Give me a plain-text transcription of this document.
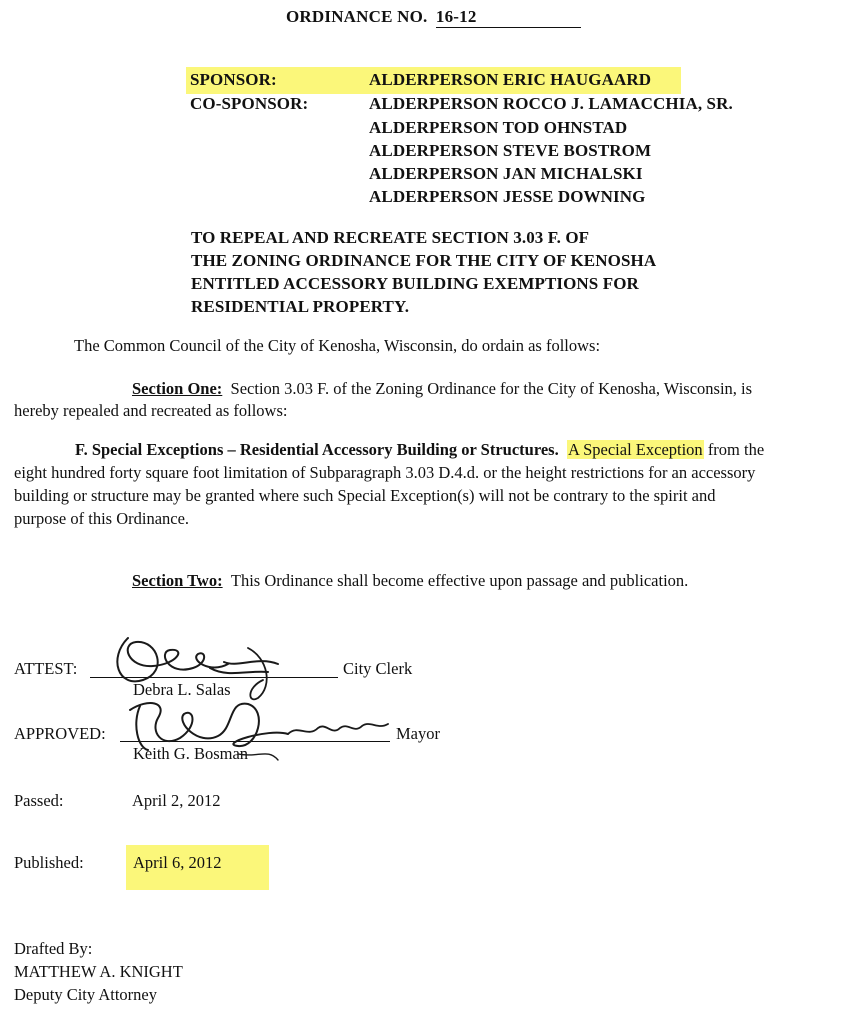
ORDINANCE NO. 16-12
SPONSOR:	ALDERPERSON ERIC HAUGAARD
CO-SPONSOR:	ALDERPERSON ROCCO J. LAMACCHIA, SR.
ALDERPERSON TOD OHNSTAD
ALDERPERSON STEVE BOSTROM
ALDERPERSON JAN MICHALSKI
ALDERPERSON JESSE DOWNING
TO REPEAL AND RECREATE SECTION 3.03 F. OF
THE ZONING ORDINANCE FOR THE CITY OF KENOSHA
ENTITLED ACCESSORY BUILDING EXEMPTIONS FOR
RESIDENTIAL PROPERTY.
The Common Council of the City of Kenosha, Wisconsin, do ordain as follows:
Section One: Section 3.03 F. of the Zoning Ordinance for the City of Kenosha, Wisconsin, is
hereby repealed and recreated as follows:
F. Special Exceptions – Residential Accessory Building or Structures. A Special Exception from the
eight hundred forty square foot limitation of Subparagraph 3.03 D.4.d. or the height restrictions for an accessory
building or structure may be granted where such Special Exception(s) will not be contrary to the spirit and
purpose of this Ordinance.
Section Two: This Ordinance shall become effective upon passage and publication.
ATTEST:	City Clerk
Debra L. Salas
APPROVED:	Mayor
Keith G. Bosman
Passed:	April 2, 2012
Published:	April 6, 2012
Drafted By:
MATTHEW A. KNIGHT
Deputy City Attorney
